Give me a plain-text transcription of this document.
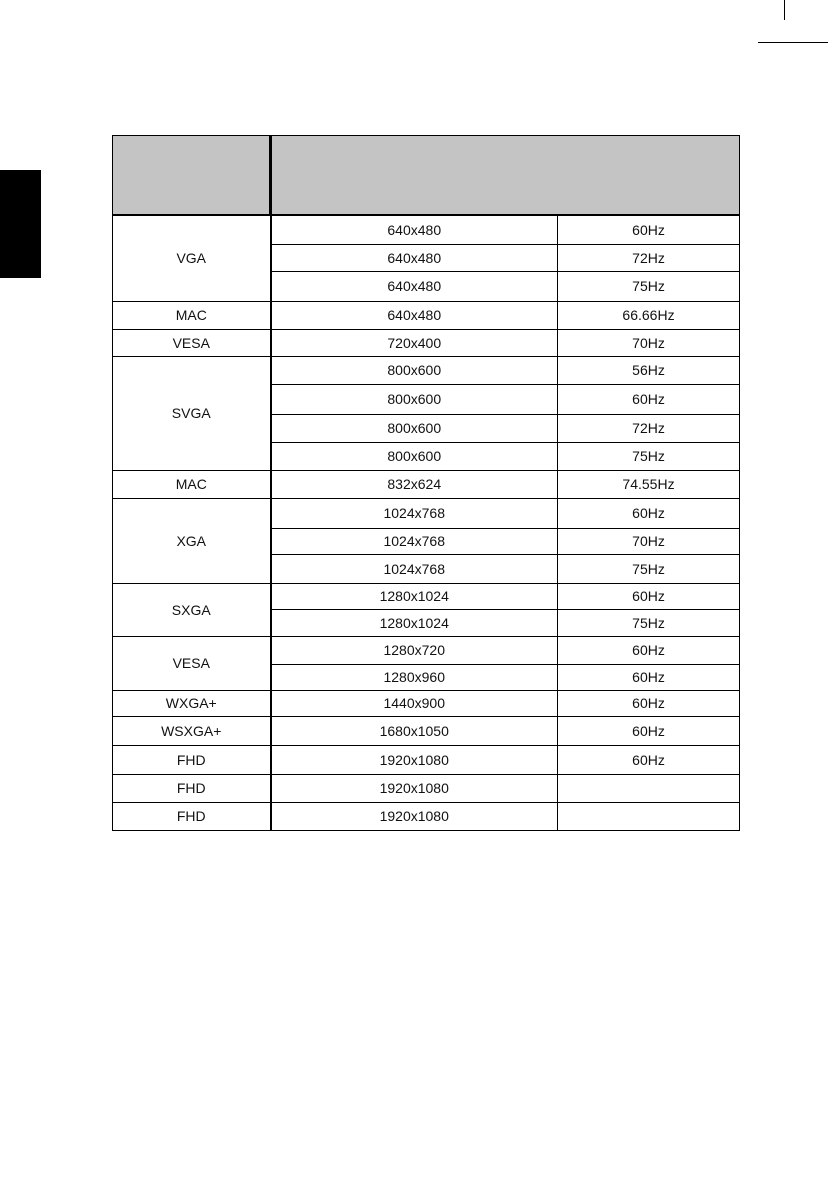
VGA	640x480	60Hz
	640x480	72Hz
	640x480	75Hz
MAC	640x480	66.66Hz
VESA	720x400	70Hz
SVGA	800x600	56Hz
	800x600	60Hz
	800x600	72Hz
	800x600	75Hz
MAC	832x624	74.55Hz
XGA	1024x768	60Hz
	1024x768	70Hz
	1024x768	75Hz
SXGA	1280x1024	60Hz
	1280x1024	75Hz
VESA	1280x720	60Hz
	1280x960	60Hz
WXGA+	1440x900	60Hz
WSXGA+	1680x1050	60Hz
FHD	1920x1080	60Hz
FHD	1920x1080	
FHD	1920x1080	
